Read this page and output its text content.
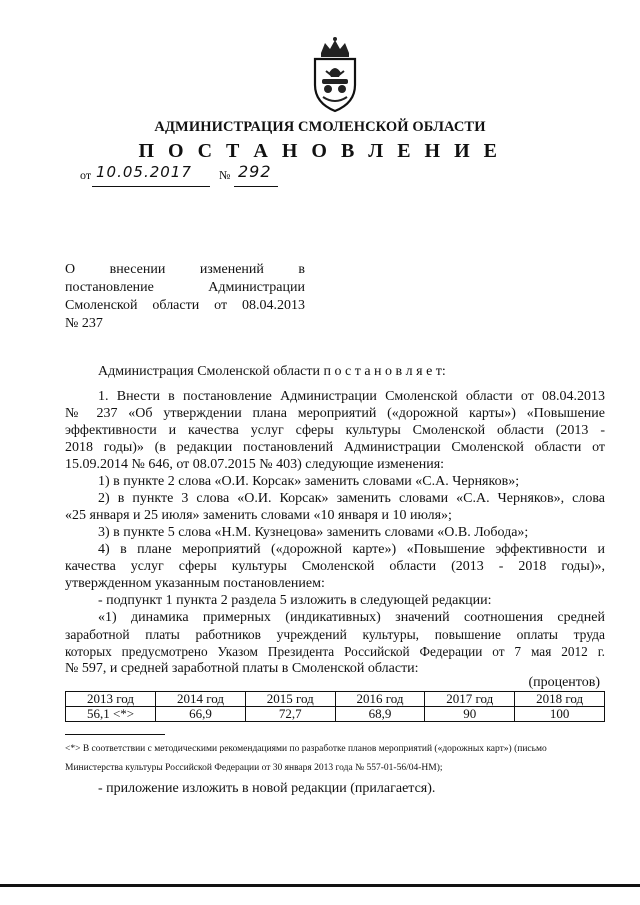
АДМИНИСТРАЦИЯ СМОЛЕНСКОЙ ОБЛАСТИ
П О С Т А Н О В Л Е Н И Е
от 10.05.2017 № 292
О внесении изменений в
постановление Администрации
Смоленской области от 08.04.2013
№ 237
Администрация Смоленской области п о с т а н о в л я е т:
1. Внести в постановление Администрации Смоленской области от 08.04.2013
№ 237 «Об утверждении плана мероприятий («дорожной карты») «Повышение
эффективности и качества услуг сферы культуры Смоленской области (2013 -
2018 годы)» (в редакции постановлений Администрации Смоленской области от
15.09.2014 № 646, от 08.07.2015 № 403) следующие изменения:
1) в пункте 2 слова «О.И. Корсак» заменить словами «С.А. Черняков»;
2) в пункте 3 слова «О.И. Корсак» заменить словами «С.А. Черняков», слова
«25 января и 25 июля» заменить словами «10 января и 10 июля»;
3) в пункте 5 слова «Н.М. Кузнецова» заменить словами «О.В. Лобода»;
4) в плане мероприятий («дорожной карте») «Повышение эффективности и
качества услуг сферы культуры Смоленской области (2013 - 2018 годы)»,
утвержденном указанным постановлением:
- подпункт 1 пункта 2 раздела 5 изложить в следующей редакции:
«1) динамика примерных (индикативных) значений соотношения средней
заработной платы работников учреждений культуры, повышение оплаты труда
которых предусмотрено Указом Президента Российской Федерации от 7 мая 2012 г.
№ 597, и средней заработной платы в Смоленской области:
(процентов)
2013 год	2014 год	2015 год	2016 год	2017 год	2018 год
56,1 <*>	66,9	72,7	68,9	90	100
<*> В соответствии с методическими рекомендациями по разработке планов мероприятий («дорожных карт») (письмо
Министерства культуры Российской Федерации от 30 января 2013 года № 557-01-56/04-НМ);
- приложение изложить в новой редакции (прилагается).
